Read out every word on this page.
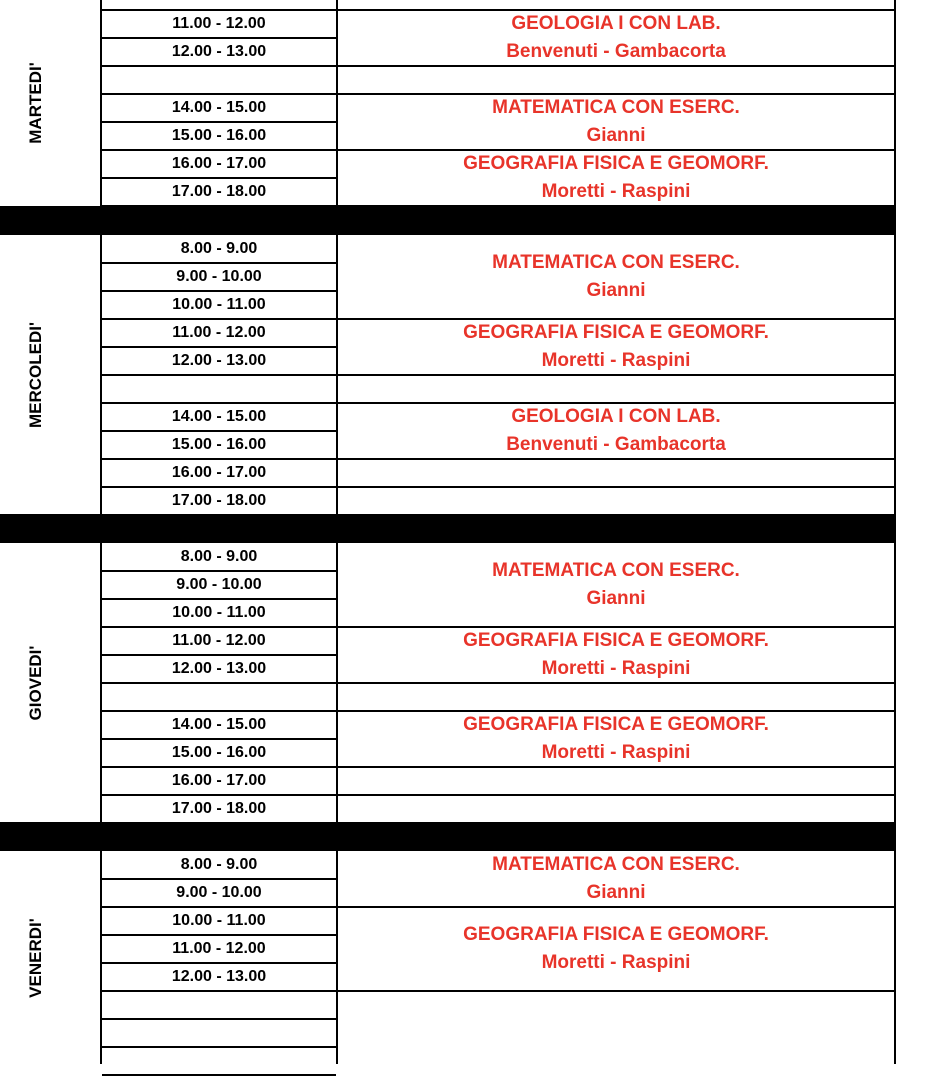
11.00 - 12.00
12.00 - 13.00
14.00 - 15.00
15.00 - 16.00
16.00 - 17.00
17.00 - 18.00
GEOLOGIA I CON LAB.
Benvenuti - Gambacorta
MATEMATICA CON ESERC.
Gianni
GEOGRAFIA FISICA E GEOMORF.
Moretti - Raspini
MARTEDI'
8.00 - 9.00
9.00 - 10.00
10.00 - 11.00
11.00 - 12.00
12.00 - 13.00
14.00 - 15.00
15.00 - 16.00
16.00 - 17.00
17.00 - 18.00
MATEMATICA CON ESERC.
Gianni
GEOGRAFIA FISICA E GEOMORF.
Moretti - Raspini
GEOLOGIA I CON LAB.
Benvenuti - Gambacorta
MERCOLEDI'
8.00 - 9.00
9.00 - 10.00
10.00 - 11.00
11.00 - 12.00
12.00 - 13.00
14.00 - 15.00
15.00 - 16.00
16.00 - 17.00
17.00 - 18.00
MATEMATICA CON ESERC.
Gianni
GEOGRAFIA FISICA E GEOMORF.
Moretti - Raspini
GEOGRAFIA FISICA E GEOMORF.
Moretti - Raspini
GIOVEDI'
8.00 - 9.00
9.00 - 10.00
10.00 - 11.00
11.00 - 12.00
12.00 - 13.00
MATEMATICA CON ESERC.
Gianni
GEOGRAFIA FISICA E GEOMORF.
Moretti - Raspini
VENERDI'
